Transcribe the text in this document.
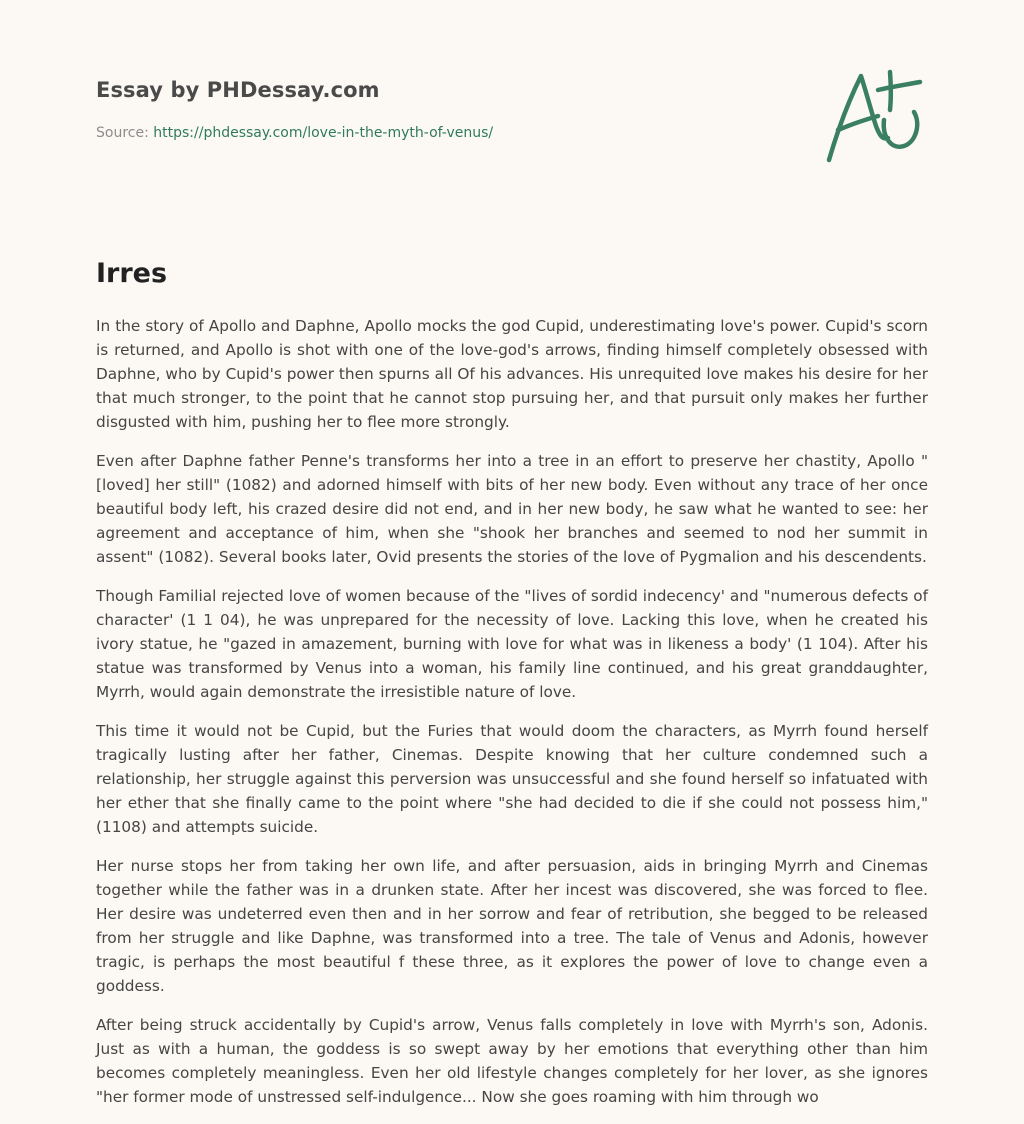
Essay by PHDessay.com
Source: https://phdessay.com/love-in-the-myth-of-venus/
Irres

In the story of Apollo and Daphne, Apollo mocks the god Cupid, underestimating love's power. Cupid's scorn is returned, and Apollo is shot with one of the love-god's arrows, finding himself completely obsessed with Daphne, who by Cupid's power then spurns all Of his advances. His unrequited love makes his desire for her that much stronger, to the point that he cannot stop pursuing her, and that pursuit only makes her further disgusted with him, pushing her to flee more strongly.

Even after Daphne father Penne's transforms her into a tree in an effort to preserve her chastity, Apollo "[loved] her still" (1082) and adorned himself with bits of her new body. Even without any trace of her once beautiful body left, his crazed desire did not end, and in her new body, he saw what he wanted to see: her agreement and acceptance of him, when she "shook her branches and seemed to nod her summit in assent" (1082). Several books later, Ovid presents the stories of the love of Pygmalion and his descendents.

Though Familial rejected love of women because of the "lives of sordid indecency' and "numerous defects of character' (1 1 04), he was unprepared for the necessity of love. Lacking this love, when he created his ivory statue, he "gazed in amazement, burning with love for what was in likeness a body' (1 104). After his statue was transformed by Venus into a woman, his family line continued, and his great granddaughter, Myrrh, would again demonstrate the irresistible nature of love.

This time it would not be Cupid, but the Furies that would doom the characters, as Myrrh found herself tragically lusting after her father, Cinemas. Despite knowing that her culture condemned such a relationship, her struggle against this perversion was unsuccessful and she found herself so infatuated with her ether that she finally came to the point where "she had decided to die if she could not possess him," (1108) and attempts suicide.

Her nurse stops her from taking her own life, and after persuasion, aids in bringing Myrrh and Cinemas together while the father was in a drunken state. After her incest was discovered, she was forced to flee. Her desire was undeterred even then and in her sorrow and fear of retribution, she begged to be released from her struggle and like Daphne, was transformed into a tree. The tale of Venus and Adonis, however tragic, is perhaps the most beautiful f these three, as it explores the power of love to change even a goddess.

After being struck accidentally by Cupid's arrow, Venus falls completely in love with Myrrh's son, Adonis. Just as with a human, the goddess is so swept away by her emotions that everything other than him becomes completely meaningless. Even her old lifestyle changes completely for her lover, as she ignores "her former mode of unstressed self-indulgence... Now she goes roaming with him through wo
